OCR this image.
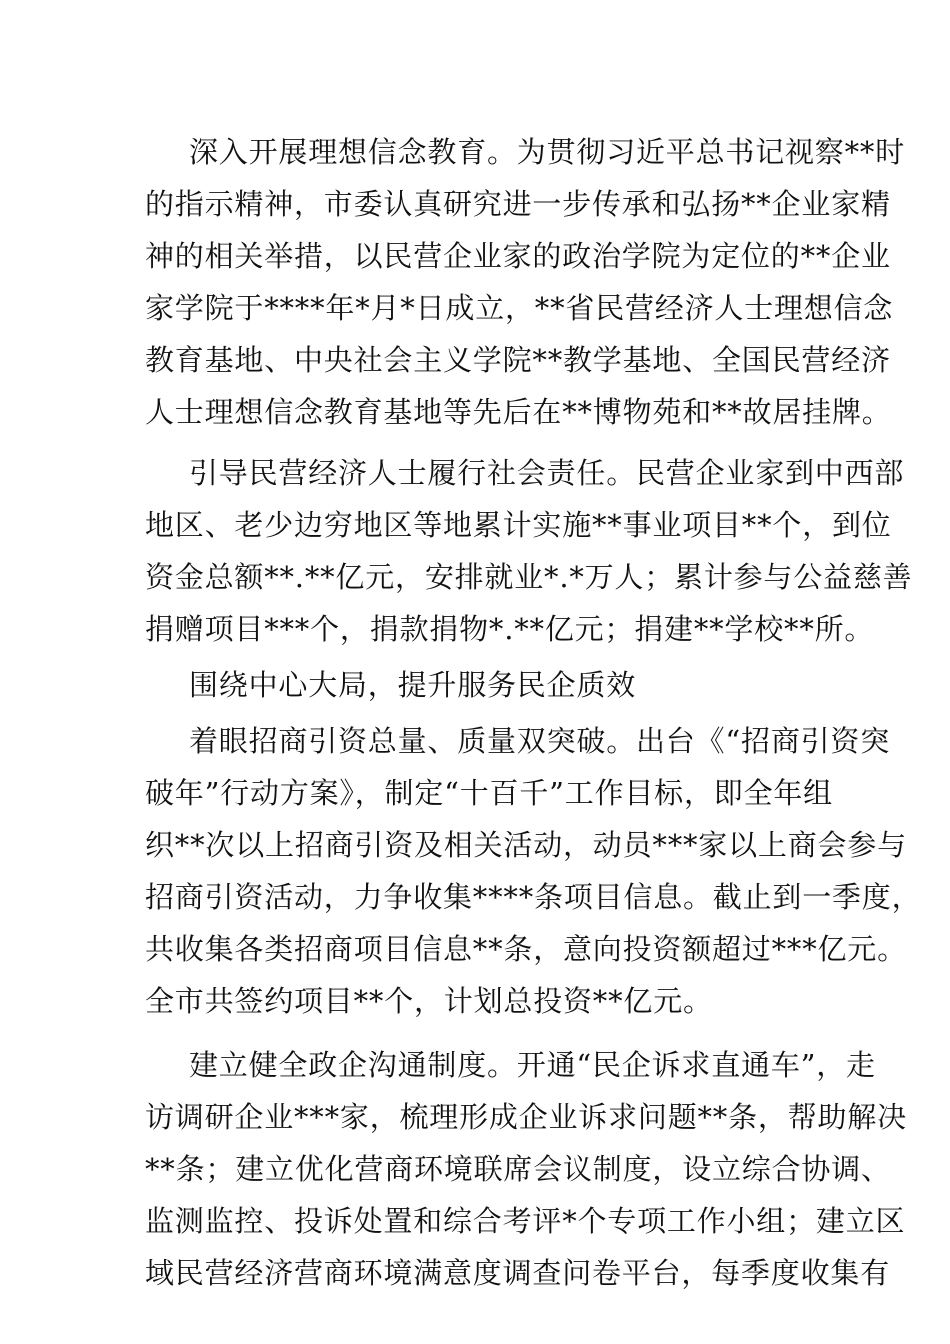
深入开展理想信念教育。为贯彻习近平总书记视察**时
的指示精神，市委认真研究进一步传承和弘扬**企业家精
神的相关举措，以民营企业家的政治学院为定位的**企业
家学院于****年*月*日成立，**省民营经济人士理想信念
教育基地、中央社会主义学院**教学基地、全国民营经济
人士理想信念教育基地等先后在**博物苑和**故居挂牌。
引导民营经济人士履行社会责任。民营企业家到中西部
地区、老少边穷地区等地累计实施**事业项目**个，到位
资金总额**.**亿元，安排就业*.*万人；累计参与公益慈善
捐赠项目***个，捐款捐物*.**亿元；捐建**学校**所。
围绕中心大局，提升服务民企质效
着眼招商引资总量、质量双突破。出台《“招商引资突
破年”行动方案》，制定“十百千”工作目标，即全年组
织**次以上招商引资及相关活动，动员***家以上商会参与
招商引资活动，力争收集****条项目信息。截止到一季度，
共收集各类招商项目信息**条，意向投资额超过***亿元。
全市共签约项目**个，计划总投资**亿元。
建立健全政企沟通制度。开通“民企诉求直通车”，走
访调研企业***家，梳理形成企业诉求问题**条，帮助解决
**条；建立优化营商环境联席会议制度，设立综合协调、
监测监控、投诉处置和综合考评*个专项工作小组；建立区
域民营经济营商环境满意度调查问卷平台，每季度收集有
